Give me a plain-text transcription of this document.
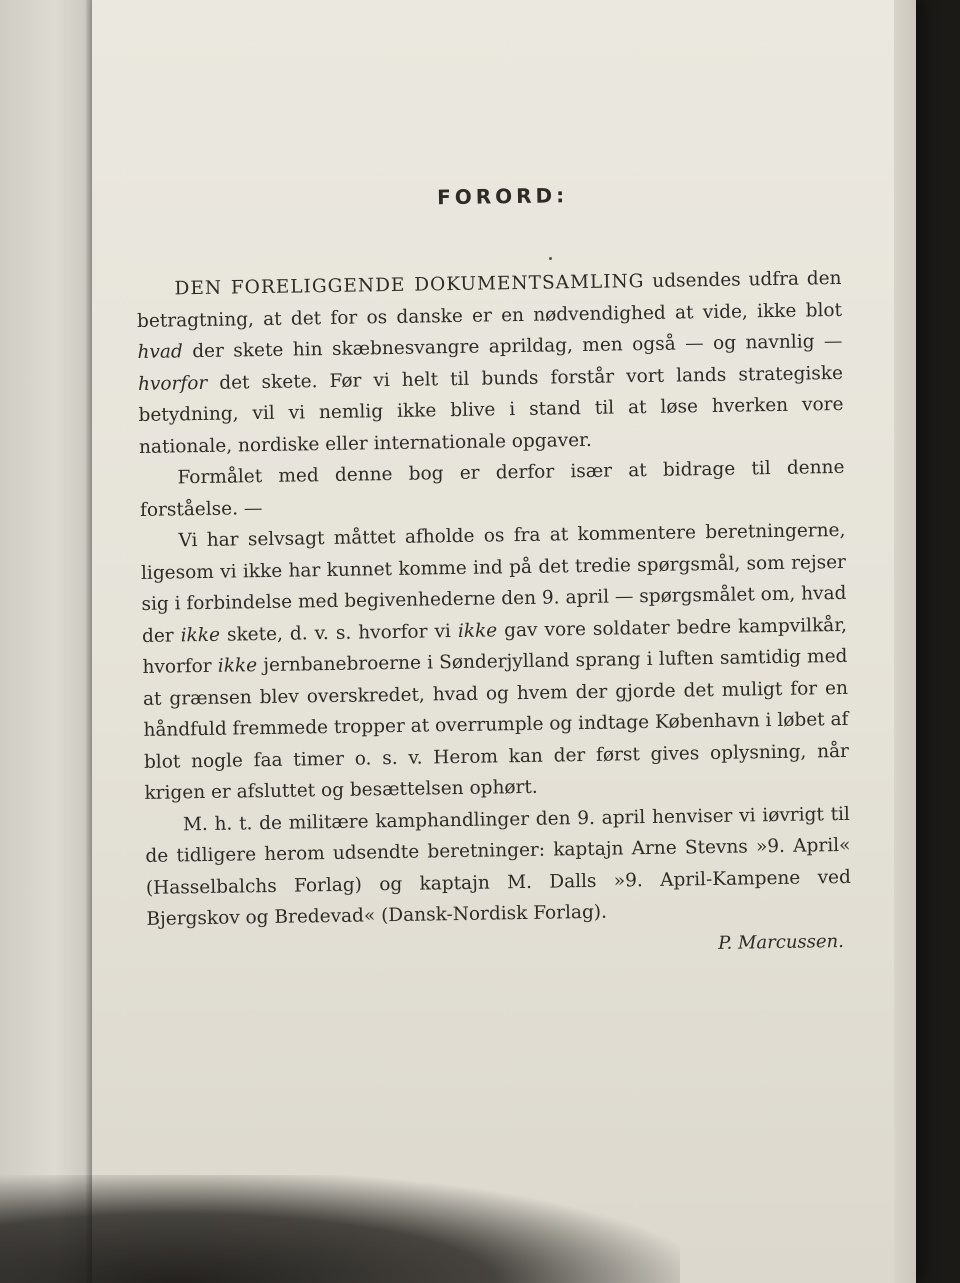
FORORD:

DEN FORELIGGENDE DOKUMENTSAMLING udsendes udfra den betragtning, at det for os danske er en nødvendighed at vide, ikke blot hvad der skete hin skæbnesvangre aprildag, men også — og navnlig — hvorfor det skete. Før vi helt til bunds forstår vort lands strategiske betydning, vil vi nemlig ikke blive i stand til at løse hverken vore nationale, nordiske eller internationale opgaver.

Formålet med denne bog er derfor især at bidrage til denne forståelse. —

Vi har selvsagt måttet afholde os fra at kommentere beretningerne, ligesom vi ikke har kunnet komme ind på det tredie spørgsmål, som rejser sig i forbindelse med begivenhederne den 9. april — spørgsmålet om, hvad der ikke skete, d. v. s. hvorfor vi ikke gav vore soldater bedre kampvilkår, hvorfor ikke jernbanebroerne i Sønderjylland sprang i luften samtidig med at grænsen blev overskredet, hvad og hvem der gjorde det muligt for en håndfuld fremmede tropper at overrumple og indtage København i løbet af blot nogle faa timer o. s. v. Herom kan der først gives oplysning, når krigen er afsluttet og besættelsen ophørt.

M. h. t. de militære kamphandlinger den 9. april henviser vi iøvrigt til de tidligere herom udsendte beretninger: kaptajn Arne Stevns »9. April« (Hasselbalchs Forlag) og kaptajn M. Dalls »9. April-Kampene ved Bjergskov og Bredevad« (Dansk-Nordisk Forlag).

P. Marcussen.
